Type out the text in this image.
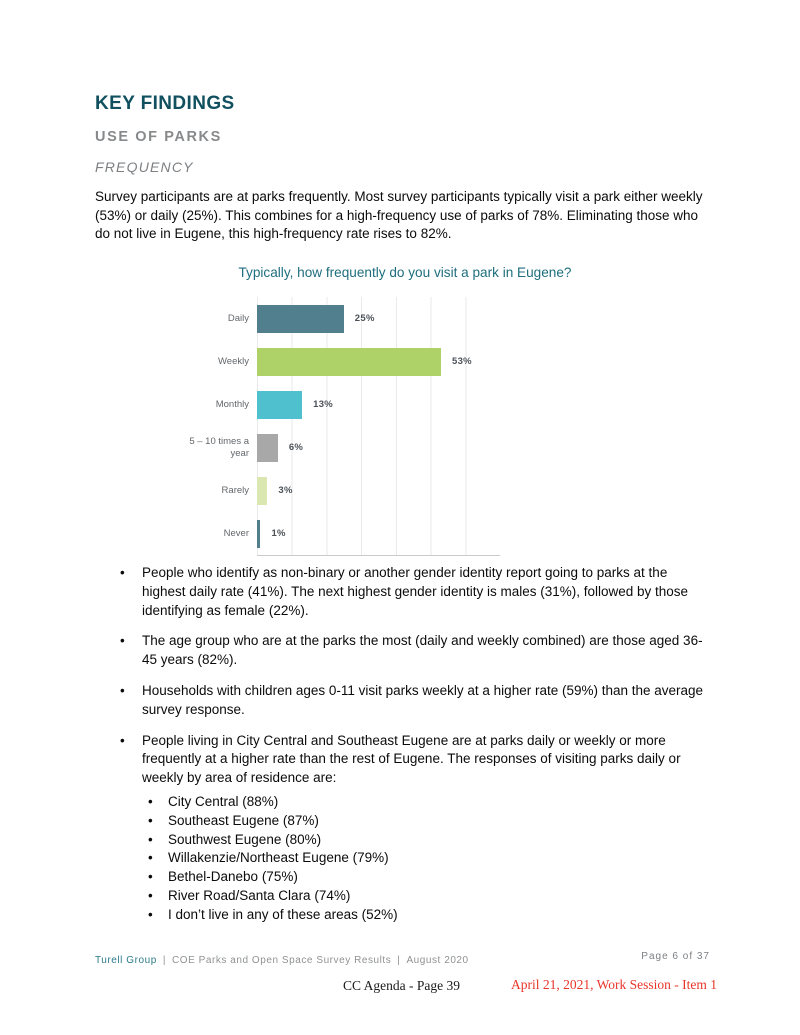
KEY FINDINGS
USE OF PARKS
FREQUENCY

Survey participants are at parks frequently. Most survey participants typically visit a park either weekly (53%) or daily (25%). This combines for a high-frequency use of parks of 78%. Eliminating those who do not live in Eugene, this high-frequency rate rises to 82%.

Typically, how frequently do you visit a park in Eugene?
Daily
Weekly
Monthly
5 – 10 times a year
Rarely
Never
25%
53%
13%
6%
3%
1%
•	People who identify as non-binary or another gender identity report going to parks at the highest daily rate (41%). The next highest gender identity is males (31%), followed by those identifying as female (22%).
•	The age group who are at the parks the most (daily and weekly combined) are those aged 36-45 years (82%).
•	Households with children ages 0-11 visit parks weekly at a higher rate (59%) than the average survey response.
•	People living in City Central and Southeast Eugene are at parks daily or weekly or more frequently at a higher rate than the rest of Eugene. The responses of visiting parks daily or weekly by area of residence are:
•	City Central (88%)
•	Southeast Eugene (87%)
•	Southwest Eugene (80%)
•	Willakenzie/Northeast Eugene (79%)
•	Bethel-Danebo (75%)
•	River Road/Santa Clara (74%)
•	I don’t live in any of these areas (52%)
Turell Group | COE Parks and Open Space Survey Results | August 2020	Page 6 of 37
CC Agenda - Page 39	April 21, 2021, Work Session - Item 1
